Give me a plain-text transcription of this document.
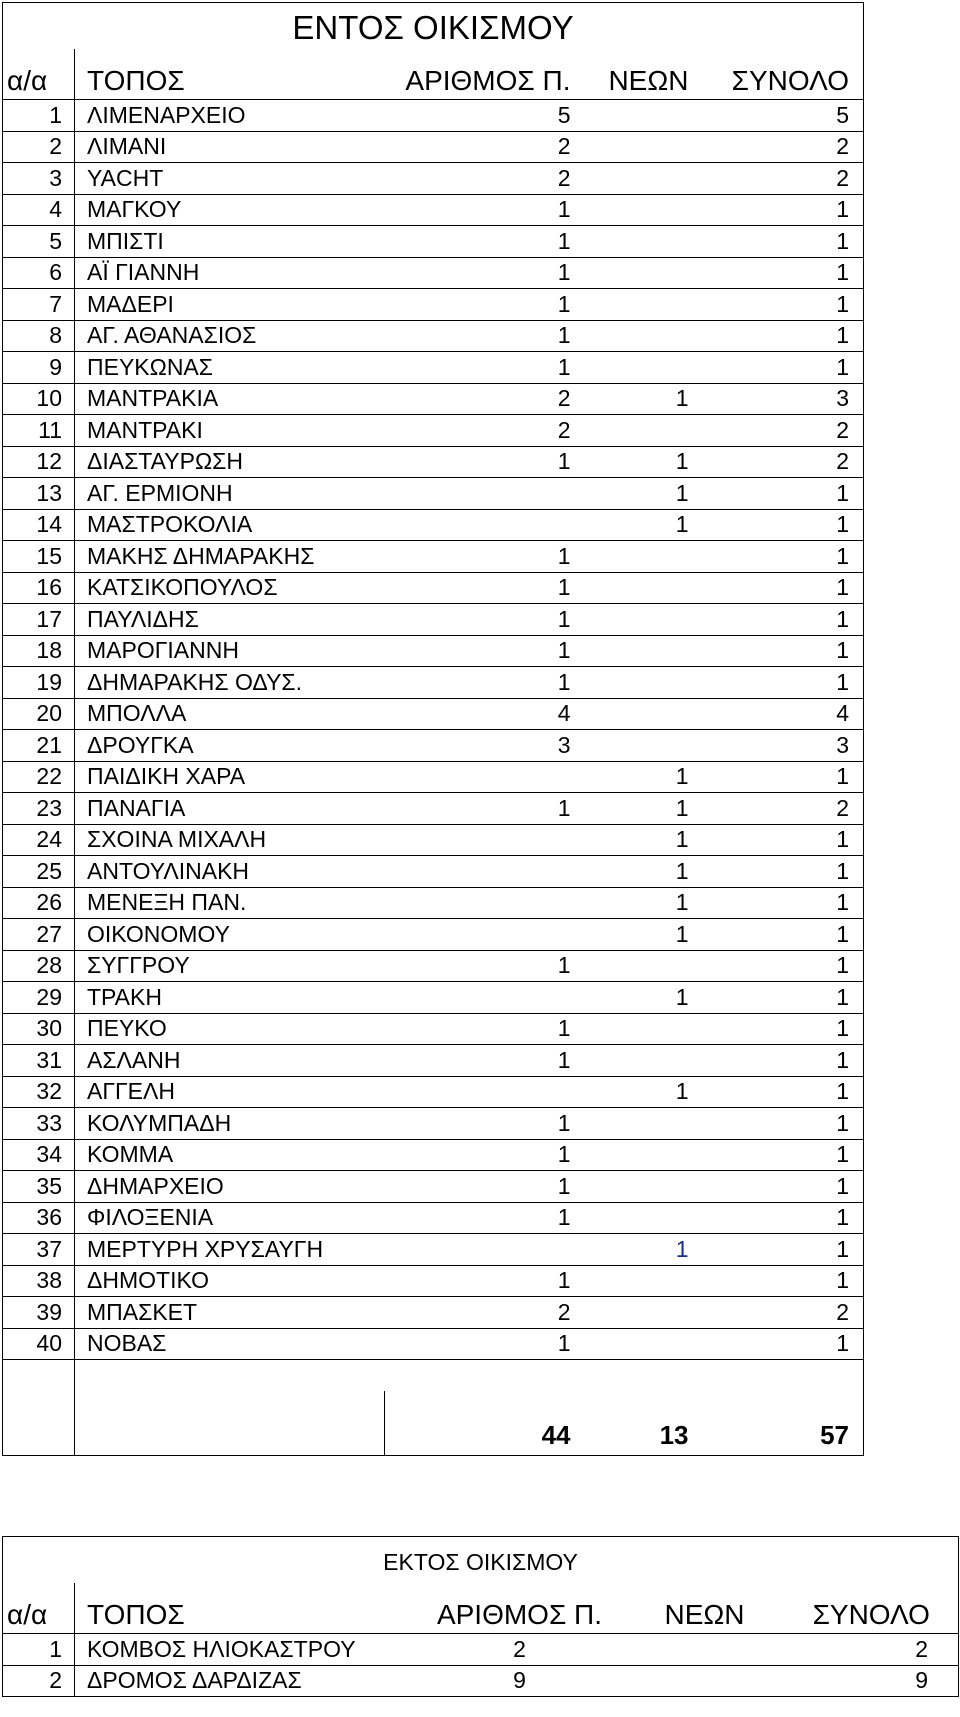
ΕΝΤΟΣ ΟΙΚΙΣΜΟΥ				
α/α	ΤΟΠΟΣ	ΑΡΙΘΜΟΣ Π.	ΝΕΩΝ	ΣΥΝΟΛΟ
1	ΛΙΜΕΝΑΡΧΕΙΟ	5		5
2	ΛΙΜΑΝΙ	2		2
3	YACHT	2		2
4	ΜΑΓΚΟΥ	1		1
5	ΜΠΙΣΤΙ	1		1
6	ΑΪ ΓΙΑΝΝΗ	1		1
7	ΜΑΔΕΡΙ	1		1
8	ΑΓ. ΑΘΑΝΑΣΙΟΣ	1		1
9	ΠΕΥΚΩΝΑΣ	1		1
10	ΜΑΝΤΡΑΚΙΑ	2	1	3
11	ΜΑΝΤΡΑΚΙ	2		2
12	ΔΙΑΣΤΑΥΡΩΣΗ	1	1	2
13	ΑΓ. ΕΡΜΙΟΝΗ		1	1
14	ΜΑΣΤΡΟΚΟΛΙΑ		1	1
15	ΜΑΚΗΣ ΔΗΜΑΡΑΚΗΣ	1		1
16	ΚΑΤΣΙΚΟΠΟΥΛΟΣ	1		1
17	ΠΑΥΛΙΔΗΣ	1		1
18	ΜΑΡΟΓΙΑΝΝΗ	1		1
19	ΔΗΜΑΡΑΚΗΣ ΟΔΥΣ.	1		1
20	ΜΠΟΛΛΑ	4		4
21	ΔΡΟΥΓΚΑ	3		3
22	ΠΑΙΔΙΚΗ ΧΑΡΑ		1	1
23	ΠΑΝΑΓΙΑ	1	1	2
24	ΣΧΟΙΝΑ ΜΙΧΑΛΗ		1	1
25	ΑΝΤΟΥΛΙΝΑΚΗ		1	1
26	ΜΕΝΕΞΗ ΠΑΝ.		1	1
27	ΟΙΚΟΝΟΜΟΥ		1	1
28	ΣΥΓΓΡΟΥ	1		1
29	ΤΡΑΚΗ		1	1
30	ΠΕΥΚΟ	1		1
31	ΑΣΛΑΝΗ	1		1
32	ΑΓΓΕΛΗ		1	1
33	ΚΟΛΥΜΠΑΔΗ	1		1
34	ΚΟΜΜΑ	1		1
35	ΔΗΜΑΡΧΕΙΟ	1		1
36	ΦΙΛΟΞΕΝΙΑ	1		1
37	ΜΕΡΤΥΡΗ ΧΡΥΣΑΥΓΗ		1	1
38	ΔΗΜΟΤΙΚΟ	1		1
39	ΜΠΑΣΚΕΤ	2		2
40	ΝΟΒΑΣ	1		1

		44	13	57
ΕΚΤΟΣ ΟΙΚΙΣΜΟΥ				
α/α	ΤΟΠΟΣ	ΑΡΙΘΜΟΣ Π.	ΝΕΩΝ	ΣΥΝΟΛΟ
1	ΚΟΜΒΟΣ ΗΛΙΟΚΑΣΤΡΟΥ	2		2
2	ΔΡΟΜΟΣ ΔΑΡΔΙΖΑΣ	9		9
